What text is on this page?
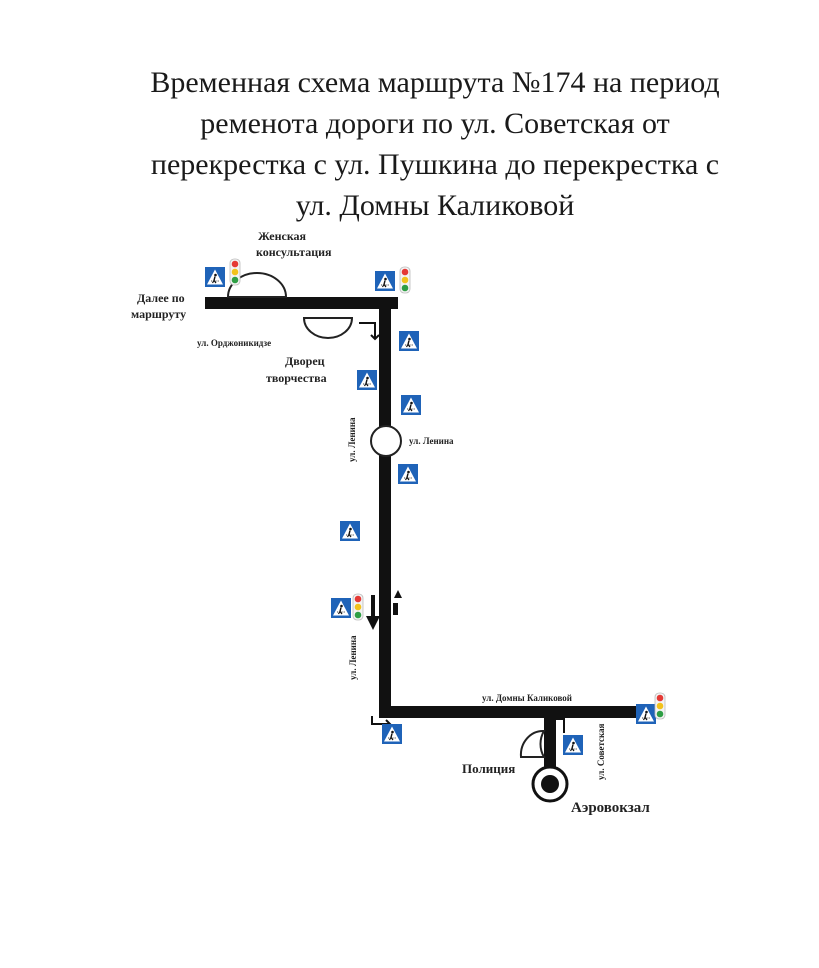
Временная схема маршрута №174 на период
ременота дороги по ул. Советская от
перекрестка с ул. Пушкина до перекрестка с
ул. Домны Каликовой
Женская
консультация
Далее по
маршруту
ул. Орджоникидзе
Дворец
творчества
ул. Ленина	ул. Ленина
ул. Ленина
ул. Домны Каликовой
ул. Советская
Полиция
Аэровокзал
